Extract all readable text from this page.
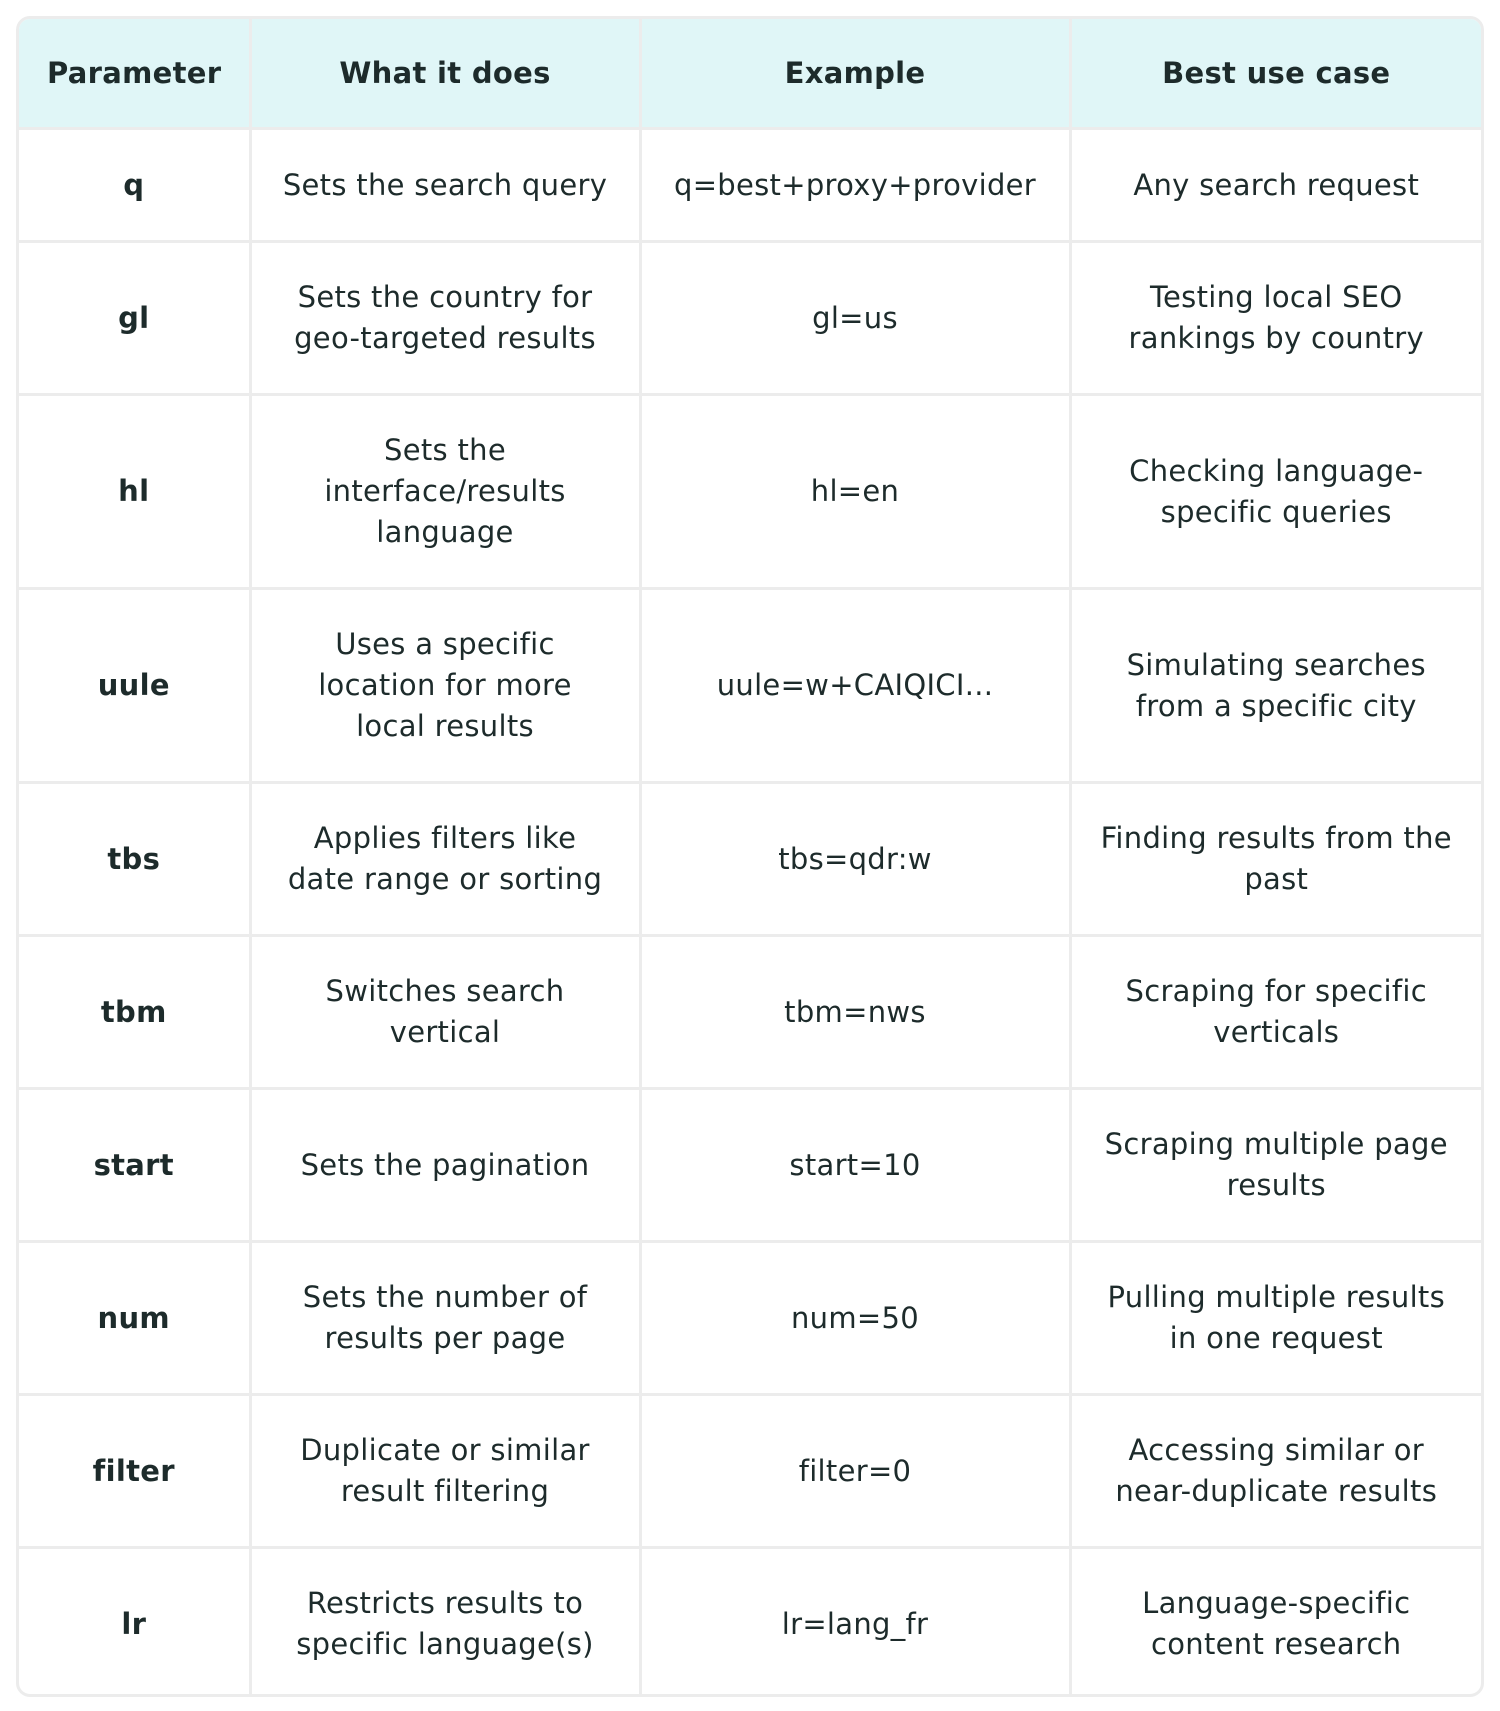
Parameter	What it does	Example	Best use case
q	Sets the search query	q=best+proxy+provider	Any search request
gl	Sets the country for geo-targeted results	gl=us	Testing local SEO rankings by country
hl	Sets the interface/results language	hl=en	Checking language-specific queries
uule	Uses a specific location for more local results	uule=w+CAIQICI...	Simulating searches from a specific city
tbs	Applies filters like date range or sorting	tbs=qdr:w	Finding results from the past
tbm	Switches search vertical	tbm=nws	Scraping for specific verticals
start	Sets the pagination	start=10	Scraping multiple page results
num	Sets the number of results per page	num=50	Pulling multiple results in one request
filter	Duplicate or similar result filtering	filter=0	Accessing similar or near-duplicate results
lr	Restricts results to specific language(s)	lr=lang_fr	Language-specific content research
